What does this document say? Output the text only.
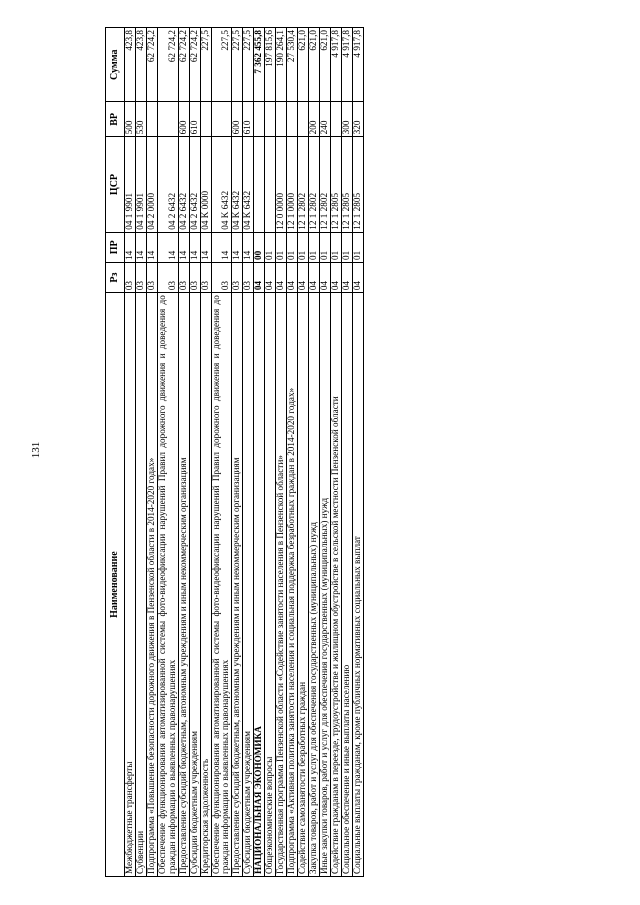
131
Наименование	Рз	ПР	ЦСР	ВР	Сумма
Межбюджетные трансферты	03	14	04 1 9901	500	423,8
Субвенции	03	14	04 1 9901	530	423,8
Подпрограмма «Повышение безопасности дорожного движения в Пензенской области в 2014-2020 годах»	03	14	04 2 0000		62 724,2
Обеспечение функционирования автоматизированной системы фото-видеофиксации нарушений Правил дорожного движения и доведения до граждан информации о выявленных правонарушениях	03	14	04 2 6432		62 724,2
Предоставление субсидий бюджетным, автономным учреждениям и иным некоммерческим организациям	03	14	04 2 6432	600	62 724,2
Субсидии бюджетным учреждениям	03	14	04 2 6432	610	62 724,2
Кредиторская задолженность	03	14	04 K 0000		227,5
Обеспечение функционирования автоматизированной системы фото-видеофиксации нарушений Правил дорожного движения и доведения до граждан информации о выявленных правонарушениях	03	14	04 K 6432		227,5
Предоставление субсидий бюджетным, автономным учреждениям и иным некоммерческим организациям	03	14	04 K 6432	600	227,5
Субсидии бюджетным учреждениям	03	14	04 K 6432	610	227,5
НАЦИОНАЛЬНАЯ ЭКОНОМИКА	04	00			7 362 455,8
Общеэкономические вопросы	04	01			197 815,6
Государственная программа Пензенской области «Содействие занятости населения в Пензенской области»	04	01	12 0 0000		190 264,1
Подпрограмма «Активная политика занятости населения и социальная поддержка безработных граждан в 2014-2020 годах»	04	01	12 1 0000		27 530,4
Содействие самозанятости безработных граждан	04	01	12 1 2802		621,0
Закупка товаров, работ и услуг для обеспечения государственных (муниципальных) нужд	04	01	12 1 2802	200	621,0
Иные закупки товаров, работ и услуг для обеспечения государственных (муниципальных) нужд	04	01	12 1 2802	240	621,0
Содействие гражданам в переезде, трудоустройстве и жилищном обустройстве в сельской местности Пензенской области	04	01	12 1 2805		4 917,8
Социальное обеспечение и иные выплаты населению	04	01	12 1 2805	300	4 917,8
Социальные выплаты гражданам, кроме публичных нормативных социальных выплат	04	01	12 1 2805	320	4 917,8
